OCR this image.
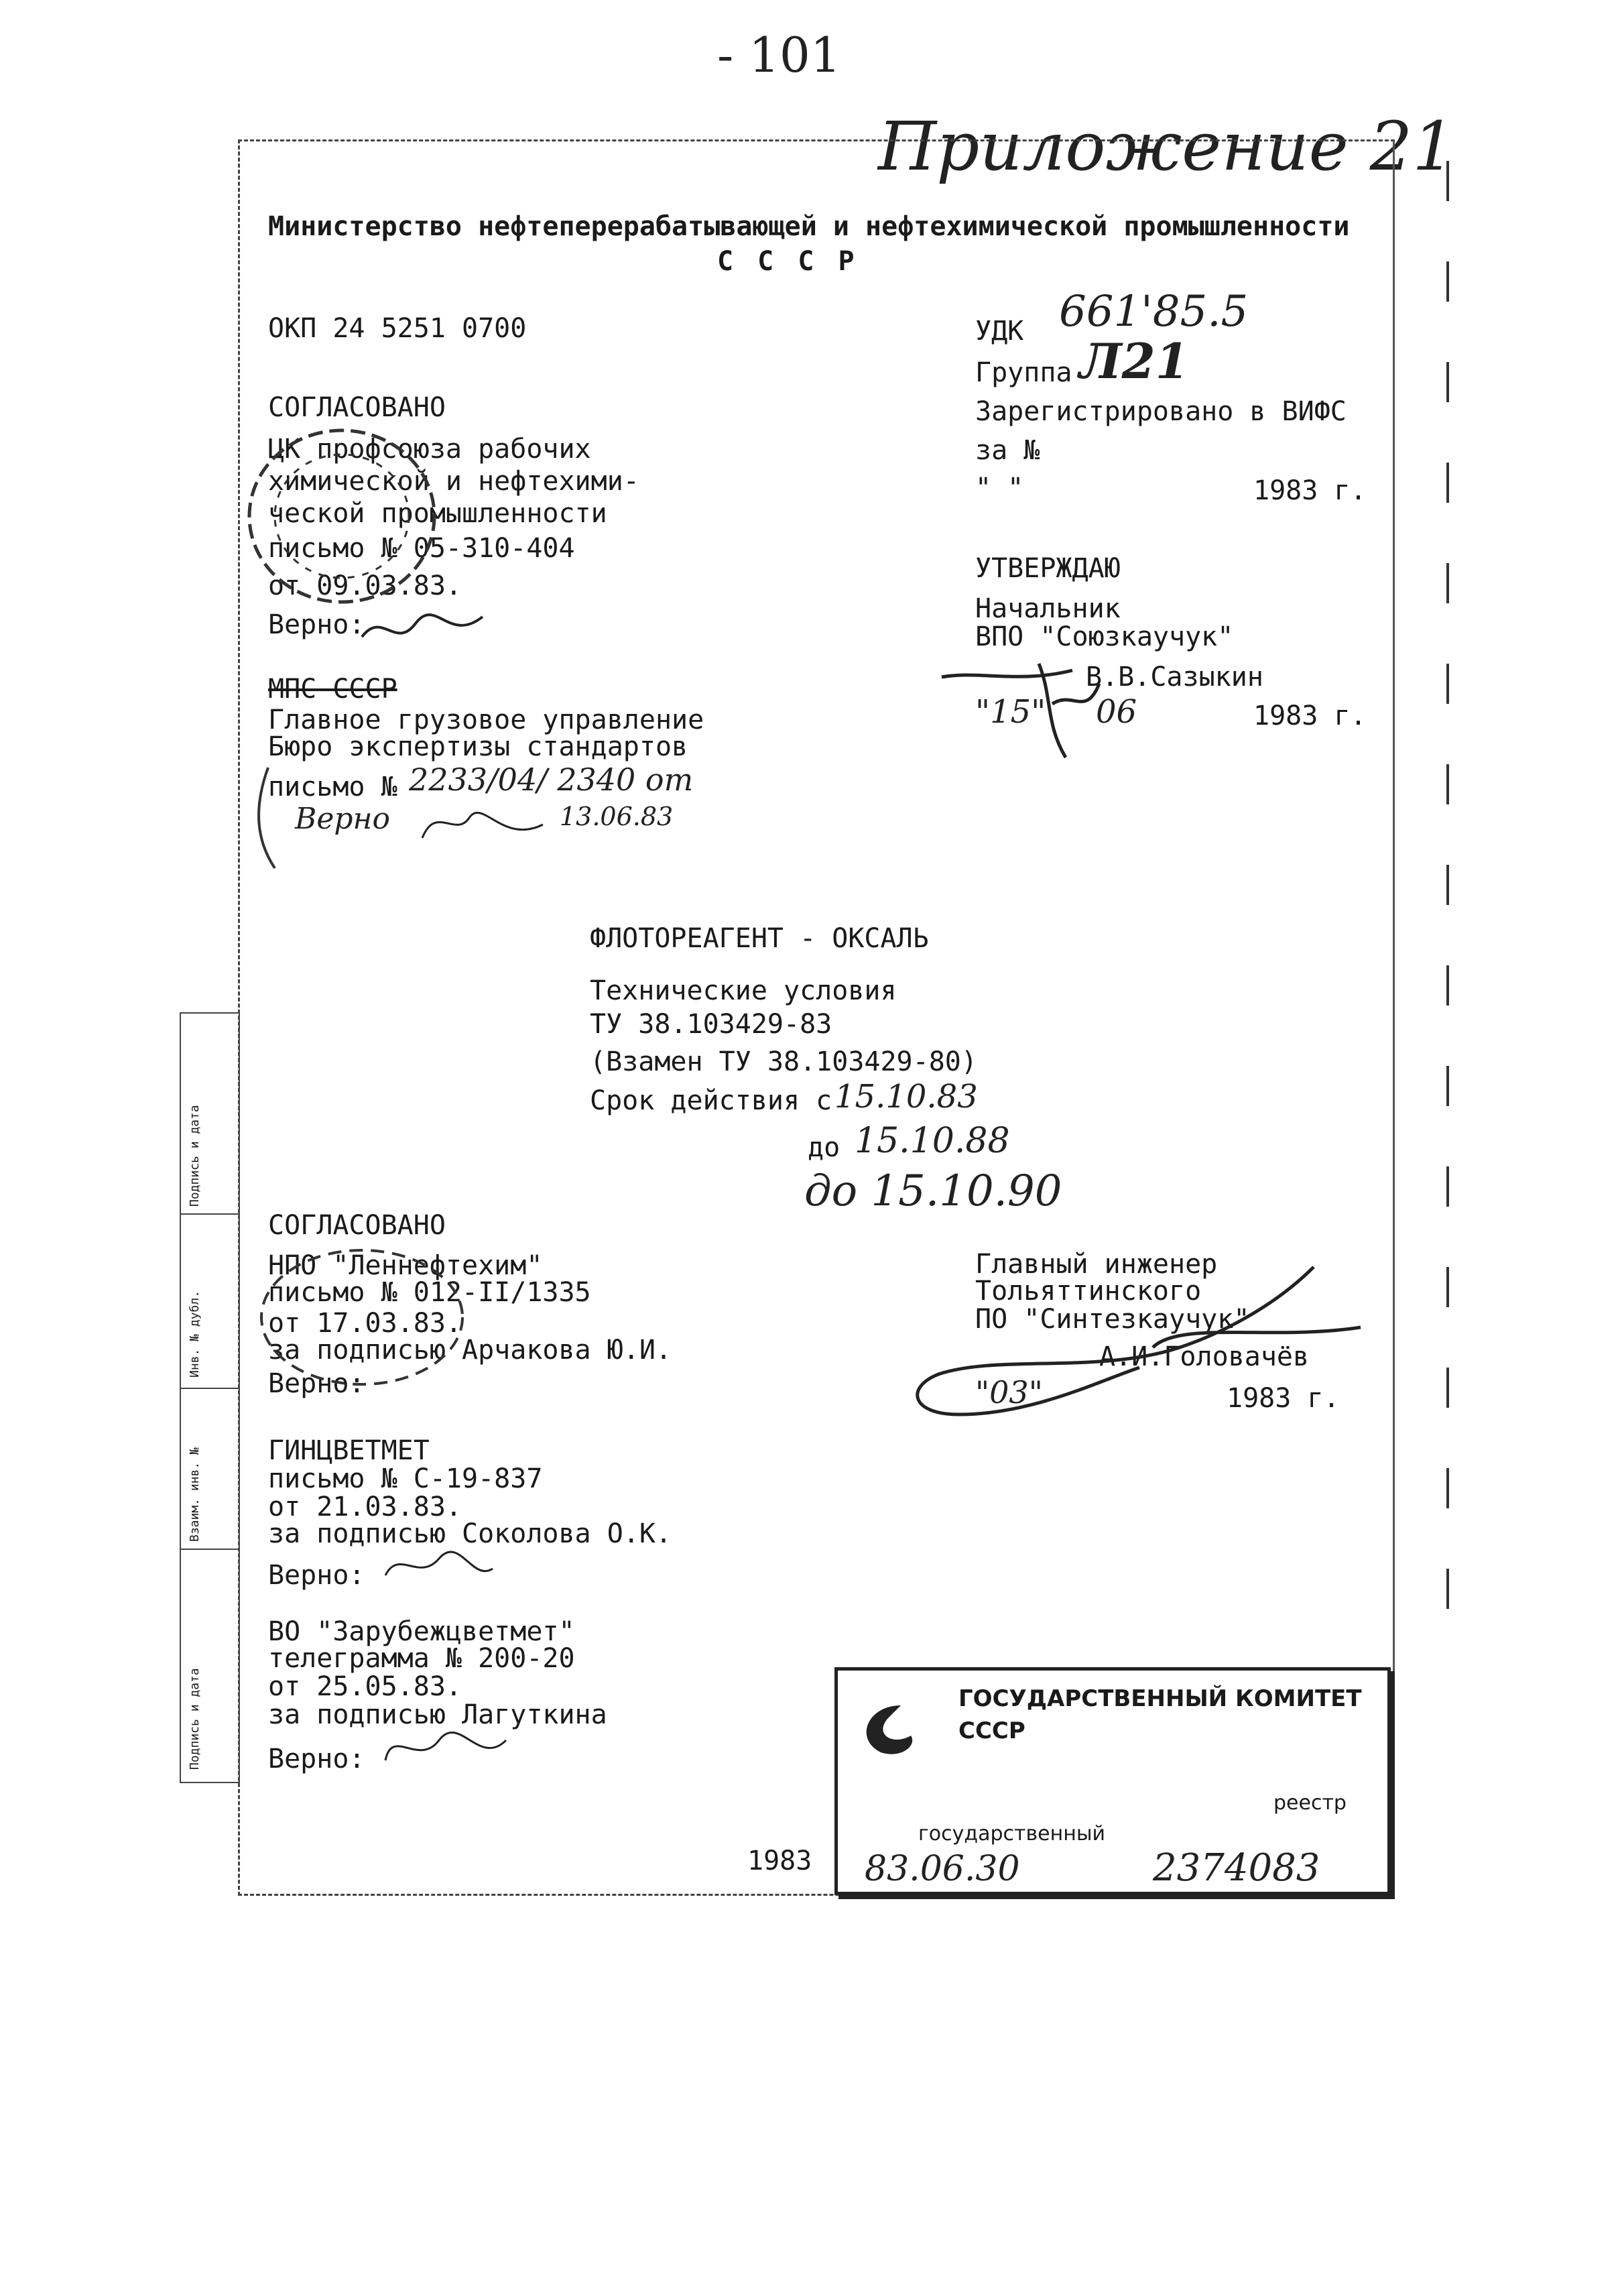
- 101
Приложение 21
Подпись и дата
Инв. № дубл.
Взаим. инв. №
Подпись и дата
Министерство нефтеперерабатывающей и нефтехимической промышленности
С С С Р
ОКП 24 5251 0700	УДК 661'85.5
Группа Л21
Зарегистрировано в ВИФС
за №
" "	1983 г.
СОГЛАСОВАНО
ЦК профсоюза рабочих
химической и нефтехими-
ческой промышленности
письмо № 05-310-404
от 09.03.83.
Верно:
УТВЕРЖДАЮ
Начальник
ВПО "Союзкаучук"
В.В.Сазыкин
"15" 06	1983 г.
МПС СССР
Главное грузовое управление
Бюро экспертизы стандартов
письмо № 2233/04/ 2340 от
Верно	13.06.83
ФЛОТОРЕАГЕНТ - ОКСАЛЬ
Технические условия
ТУ 38.103429-83
(Взамен ТУ 38.103429-80)
Срок действия с 15.10.83
до 15.10.88
до 15.10.90
СОГЛАСОВАНО
НПО "Леннефтехим"
письмо № 012-II/1335
от 17.03.83.
за подписью Арчакова Ю.И.
Верно:
Главный инженер
Тольяттинского
ПО "Синтезкаучук"
А.И.Головачёв
"03"	1983 г.
ГИНЦВЕТМЕТ
письмо № С-19-837
от 21.03.83.
за подписью Соколова О.К.
Верно:
ВО "Зарубежцветмет"
телеграмма № 200-20
от 25.05.83.
за подписью Лагуткина
Верно:
1983
ГОСУДАРСТВЕННЫЙ КОМИТЕТ
СССР
реестр
государственный
83.06.30	2374083
